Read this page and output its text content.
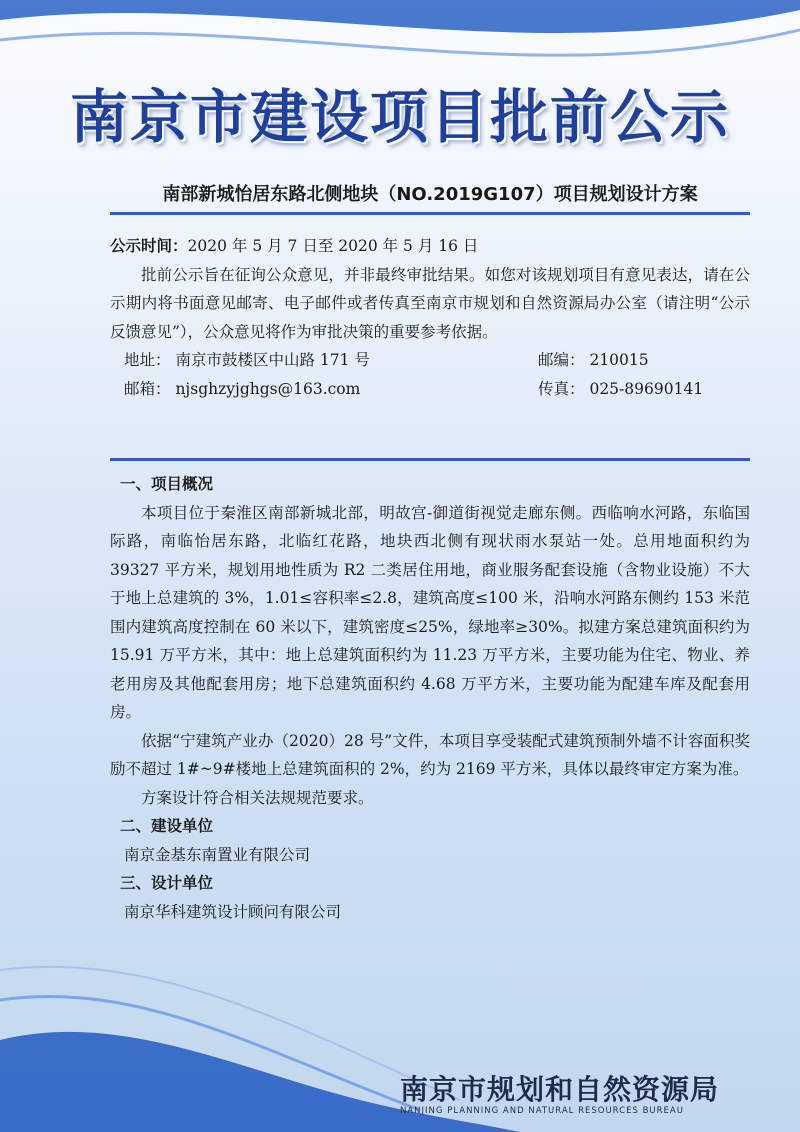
南京市建设项目批前公示
南部新城怡居东路北侧地块（NO.2019G107）项目规划设计方案

公示时间：2020 年 5 月 7 日至 2020 年 5 月 16 日

批前公示旨在征询公众意见，并非最终审批结果。如您对该规划项目有意见表达，请在公示期内将书面意见邮寄、电子邮件或者传真至南京市规划和自然资源局办公室（请注明“公示反馈意见”），公众意见将作为审批决策的重要参考依据。

地址： 南京市鼓楼区中山路 171 号	邮编： 210015
邮箱： njsghzyjghgs@163.com	传真： 025-89690141

一、项目概况

本项目位于秦淮区南部新城北部，明故宫-御道街视觉走廊东侧。西临响水河路，东临国际路，南临怡居东路，北临红花路，地块西北侧有现状雨水泵站一处。总用地面积约为 39327 平方米，规划用地性质为 R2 二类居住用地，商业服务配套设施（含物业设施）不大于地上总建筑的 3%，1.01≤容积率≤2.8，建筑高度≤100 米，沿响水河路东侧约 153 米范围内建筑高度控制在 60 米以下，建筑密度≤25%，绿地率≥30%。拟建方案总建筑面积约为 15.91 万平方米，其中：地上总建筑面积约为 11.23 万平方米，主要功能为住宅、物业、养老用房及其他配套用房；地下总建筑面积约 4.68 万平方米，主要功能为配建车库及配套用房。

依据“宁建筑产业办（2020）28 号”文件，本项目享受装配式建筑预制外墙不计容面积奖励不超过 1#~9#楼地上总建筑面积的 2%，约为 2169 平方米，具体以最终审定方案为准。

方案设计符合相关法规规范要求。

二、建设单位

南京金基东南置业有限公司

三、设计单位

南京华科建筑设计顾问有限公司

南京市规划和自然资源局
NANJING PLANNING AND NATURAL RESOURCES BUREAU
